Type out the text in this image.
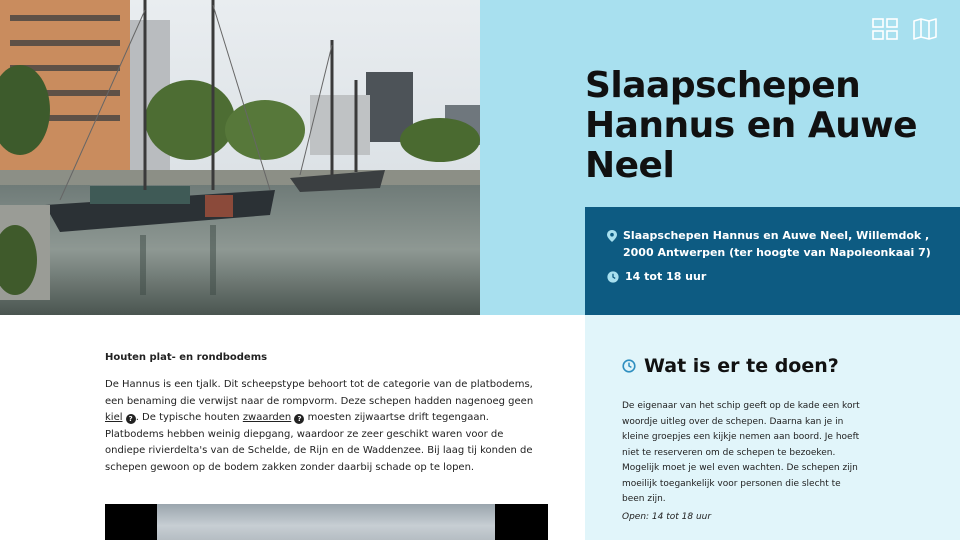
Slaapschepen Hannus en Auwe Neel
Slaapschepen Hannus en Auwe Neel, Willemdok , 2000 Antwerpen (ter hoogte van Napoleonkaai 7)
14 tot 18 uur
Houten plat- en rondbodems

De Hannus is een tjalk. Dit scheepstype behoort tot de categorie van de platbodems, een benaming die verwijst naar de rompvorm. Deze schepen hadden nagenoeg geen kiel ? . De typische houten zwaarden ? moesten zijwaartse drift tegengaan. Platbodems hebben weinig diepgang, waardoor ze zeer geschikt waren voor de ondiepe rivierdelta's van de Schelde, de Rijn en de Waddenzee. Bij laag tij konden de schepen gewoon op de bodem zakken zonder daarbij schade op te lopen.

Wat is er te doen?

De eigenaar van het schip geeft op de kade een kort woordje uitleg over de schepen. Daarna kan je in kleine groepjes een kijkje nemen aan boord. Je hoeft niet te reserveren om de schepen te bezoeken. Mogelijk moet je wel even wachten. De schepen zijn moeilijk toegankelijk voor personen die slecht te been zijn.

Open: 14 tot 18 uur
